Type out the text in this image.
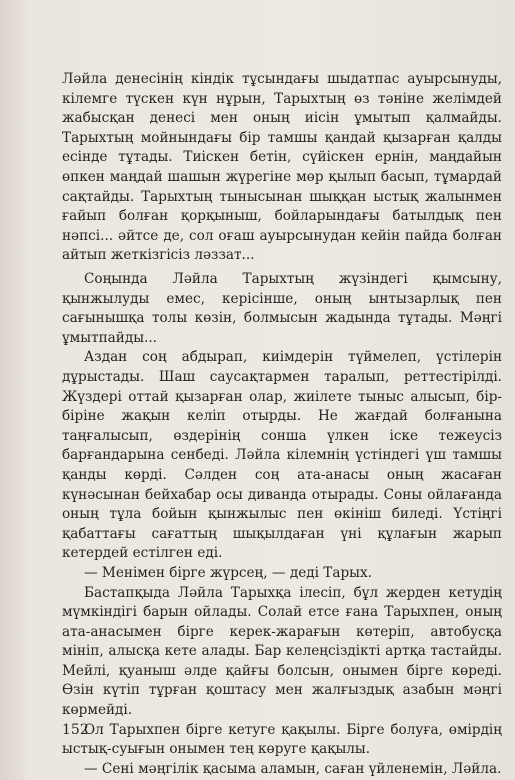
Ләйла денесінің кіндік тұсындағы шыдатпас ауырсынуды, кілемге түскен күн нұрын, Тарыхтың өз тәніне желімдей жабысқан денесі мен оның иісін ұмытып қалмайды. Тарыхтың мойнындағы бір тамшы қандай қызарған қалды есінде тұтады. Тиіскен бетін, сүйіскен ернін, маңдайын өпкен маңдай шашын жүрегіне мөр қылып басып, тұмардай сақтайды. Тарыхтың тынысынан шыққан ыстық жалынмен ғайып болған қорқыныш, бойларындағы батылдық пен нәпсі... әйтсе де, сол оғаш ауырсынудан кейін пайда болған айтып жеткізгісіз ләззат...

Соңында Ләйла Тарыхтың жүзіндегі қымсыну, қынжылуды емес, керісінше, оның ынтызарлық пен сағынышқа толы көзін, болмысын жадында тұтады. Мәңгі ұмытпайды...

Аздан соң абдырап, киімдерін түймелеп, үстілерін дұрыстады. Шаш саусақтармен таралып, реттестірілді. Жүздері оттай қызарған олар, жиілете тыныс алысып, бір-біріне жақын келіп отырды. Не жағдай болғанына таңғалысып, өздерінің сонша үлкен іске тежеусіз барғандарына сенбеді. Ләйла кілемнің үстіндегі үш тамшы қанды көрді. Сәлден соң ата-анасы оның жасаған күнәсынан бейхабар осы диванда отырады. Соны ойлағанда оның тұла бойын қынжылыс пен өкініш биледі. Үстіңгі қабаттағы сағаттың шықылдаған үні құлағын жарып кетердей естілген еді.

— Менімен бірге жүрсең, — деді Тарых.

Бастапқыда Ләйла Тарыхқа ілесіп, бұл жерден кетудің мүмкіндігі барын ойлады. Солай етсе ғана Тарыхпен, оның ата-анасымен бірге керек-жарағын көтеріп, автобусқа мініп, алысқа кете алады. Бар келеңсіздікті артқа тастайды. Мейлі, қуаныш әлде қайғы болсын, онымен бірге көреді. Өзін күтіп тұрған қоштасу мен жалғыздық азабын мәңгі көрмейді.

Ол Тарыхпен бірге кетуге қақылы. Бірге болуға, өмірдің ыстық-суығын онымен тең көруге қақылы.

— Сені мәңгілік қасыма аламын, саған үйленемін, Ләйла.

152
